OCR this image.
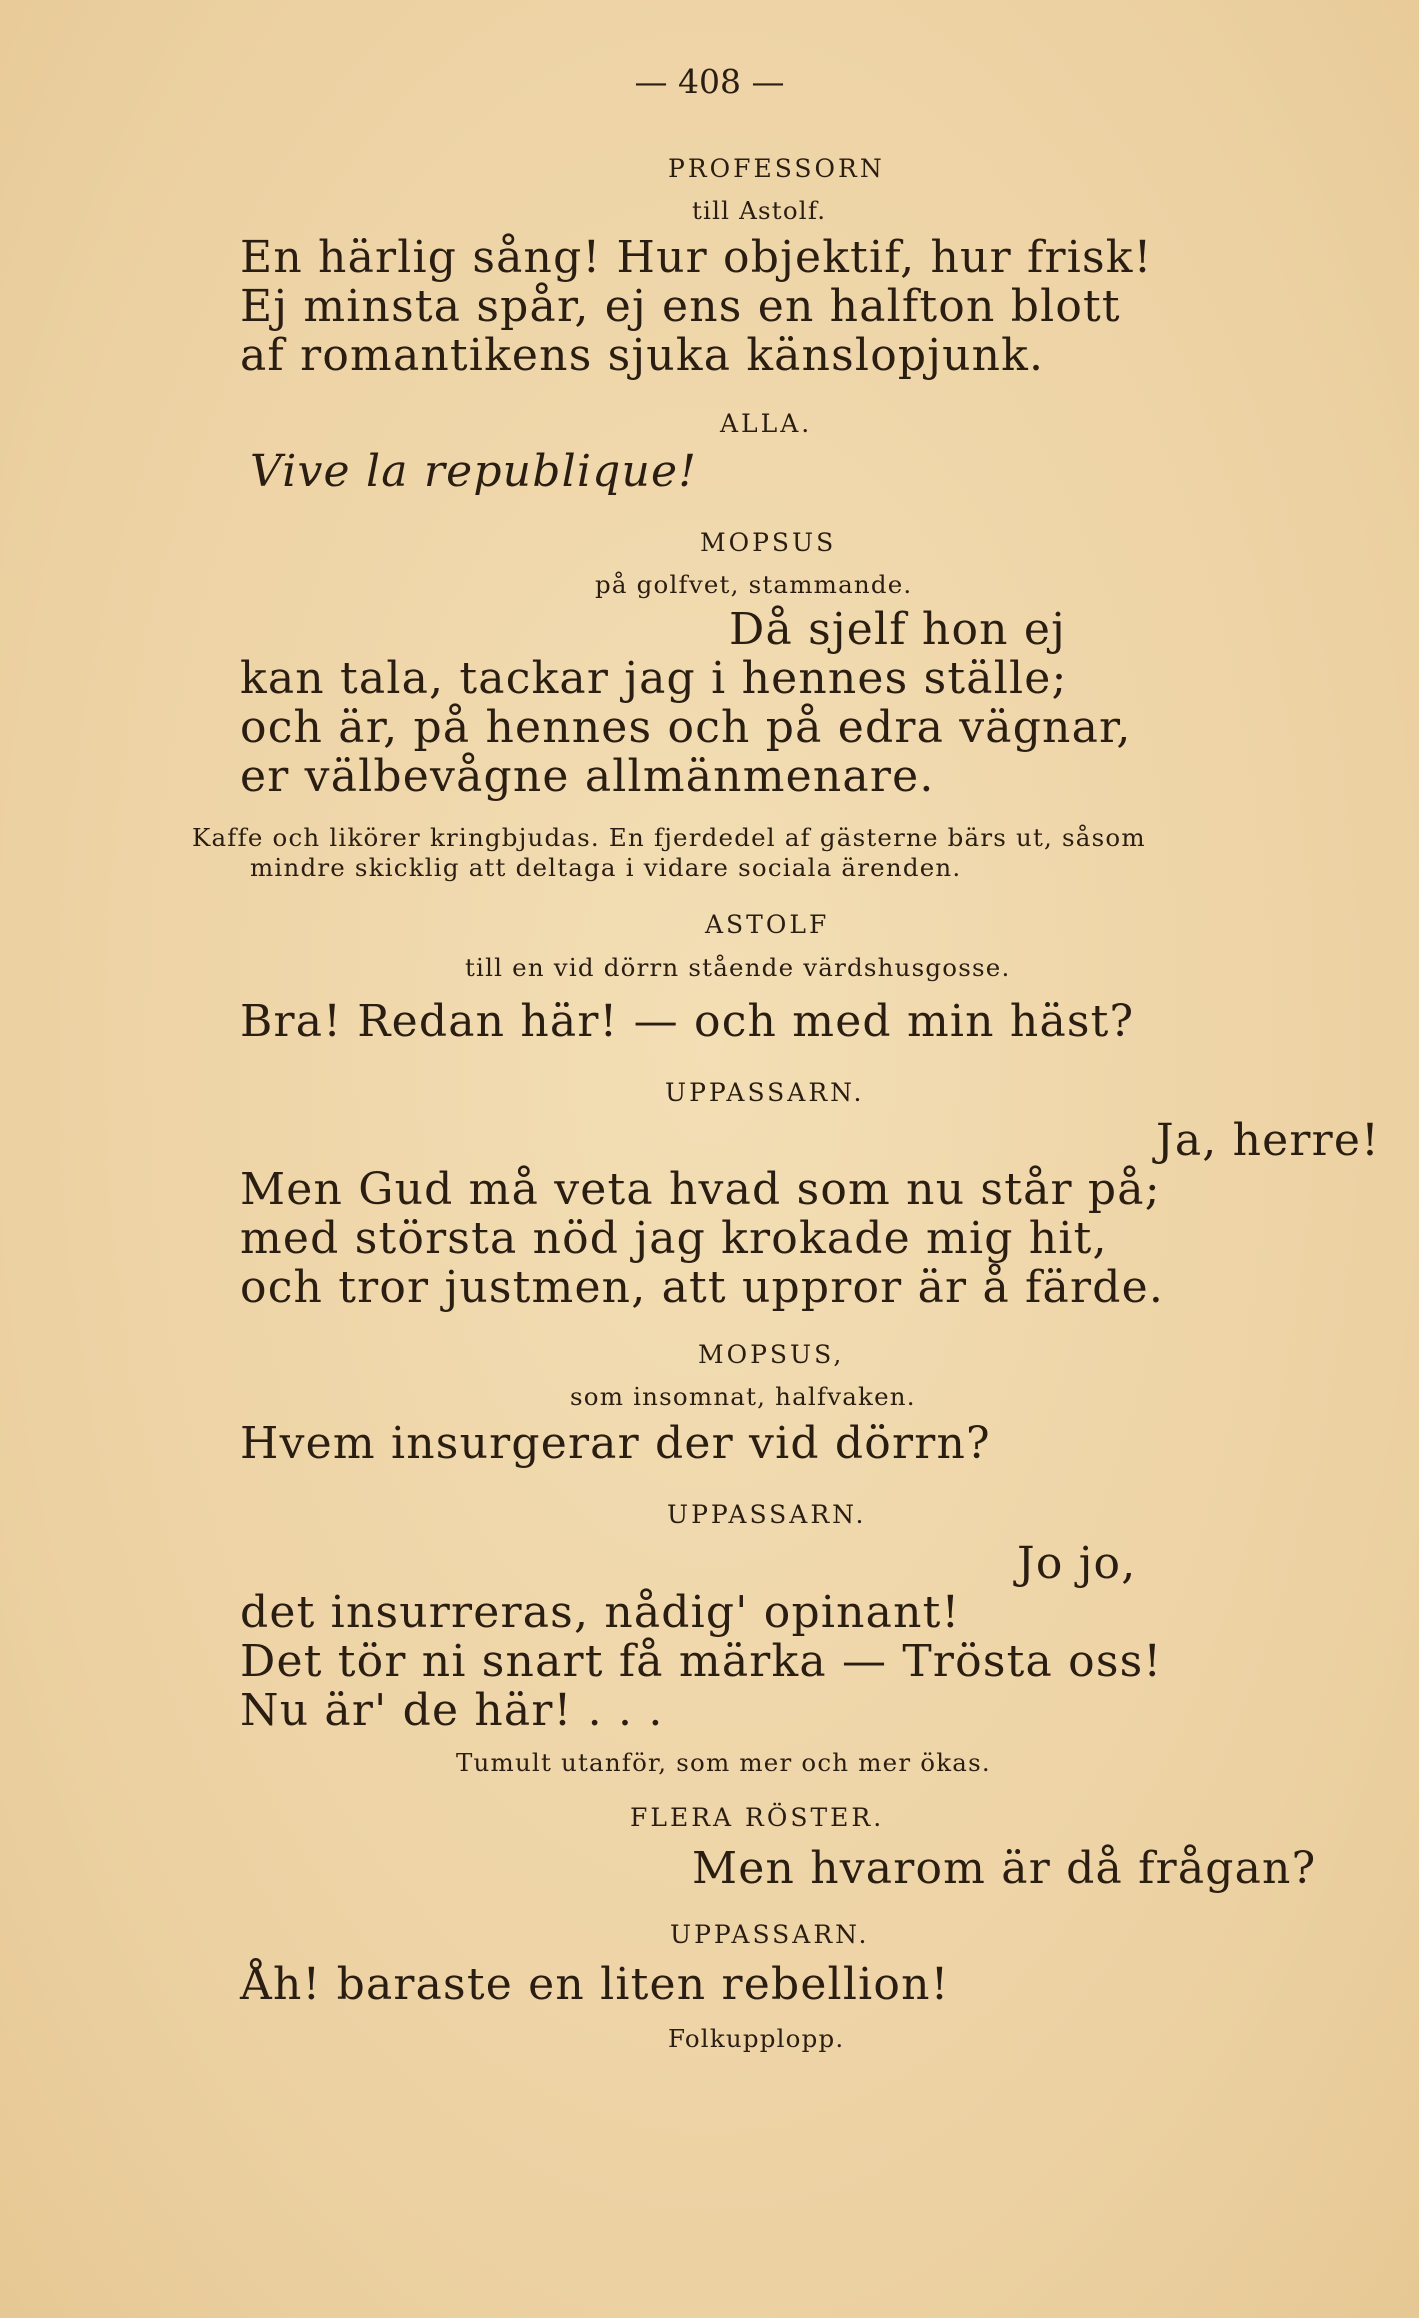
— 408 —

PROFESSORN

till Astolf.

En härlig sång! Hur objektif, hur frisk!

Ej minsta spår, ej ens en halfton blott

af romantikens sjuka känslopjunk.

ALLA.

Vive la republique!

MOPSUS

på golfvet, stammande.

Då sjelf hon ej

kan tala, tackar jag i hennes ställe;

och är, på hennes och på edra vägnar,

er välbevågne allmänmenare.

Kaffe och likörer kringbjudas. En fjerdedel af gästerne bärs ut, såsom

mindre skicklig att deltaga i vidare sociala ärenden.

ASTOLF

till en vid dörrn stående värdshusgosse.

Bra! Redan här! — och med min häst?

UPPASSARN.

Ja, herre!

Men Gud må veta hvad som nu står på;

med största nöd jag krokade mig hit,

och tror justmen, att uppror är å färde.

MOPSUS,

som insomnat, halfvaken.

Hvem insurgerar der vid dörrn?

UPPASSARN.

Jo jo,

det insurreras, nådig' opinant!

Det tör ni snart få märka — Trösta oss!

Nu är' de här! . . .

Tumult utanför, som mer och mer ökas.

FLERA RÖSTER.

Men hvarom är då frågan?

UPPASSARN.

Åh! baraste en liten rebellion!

Folkupplopp.
